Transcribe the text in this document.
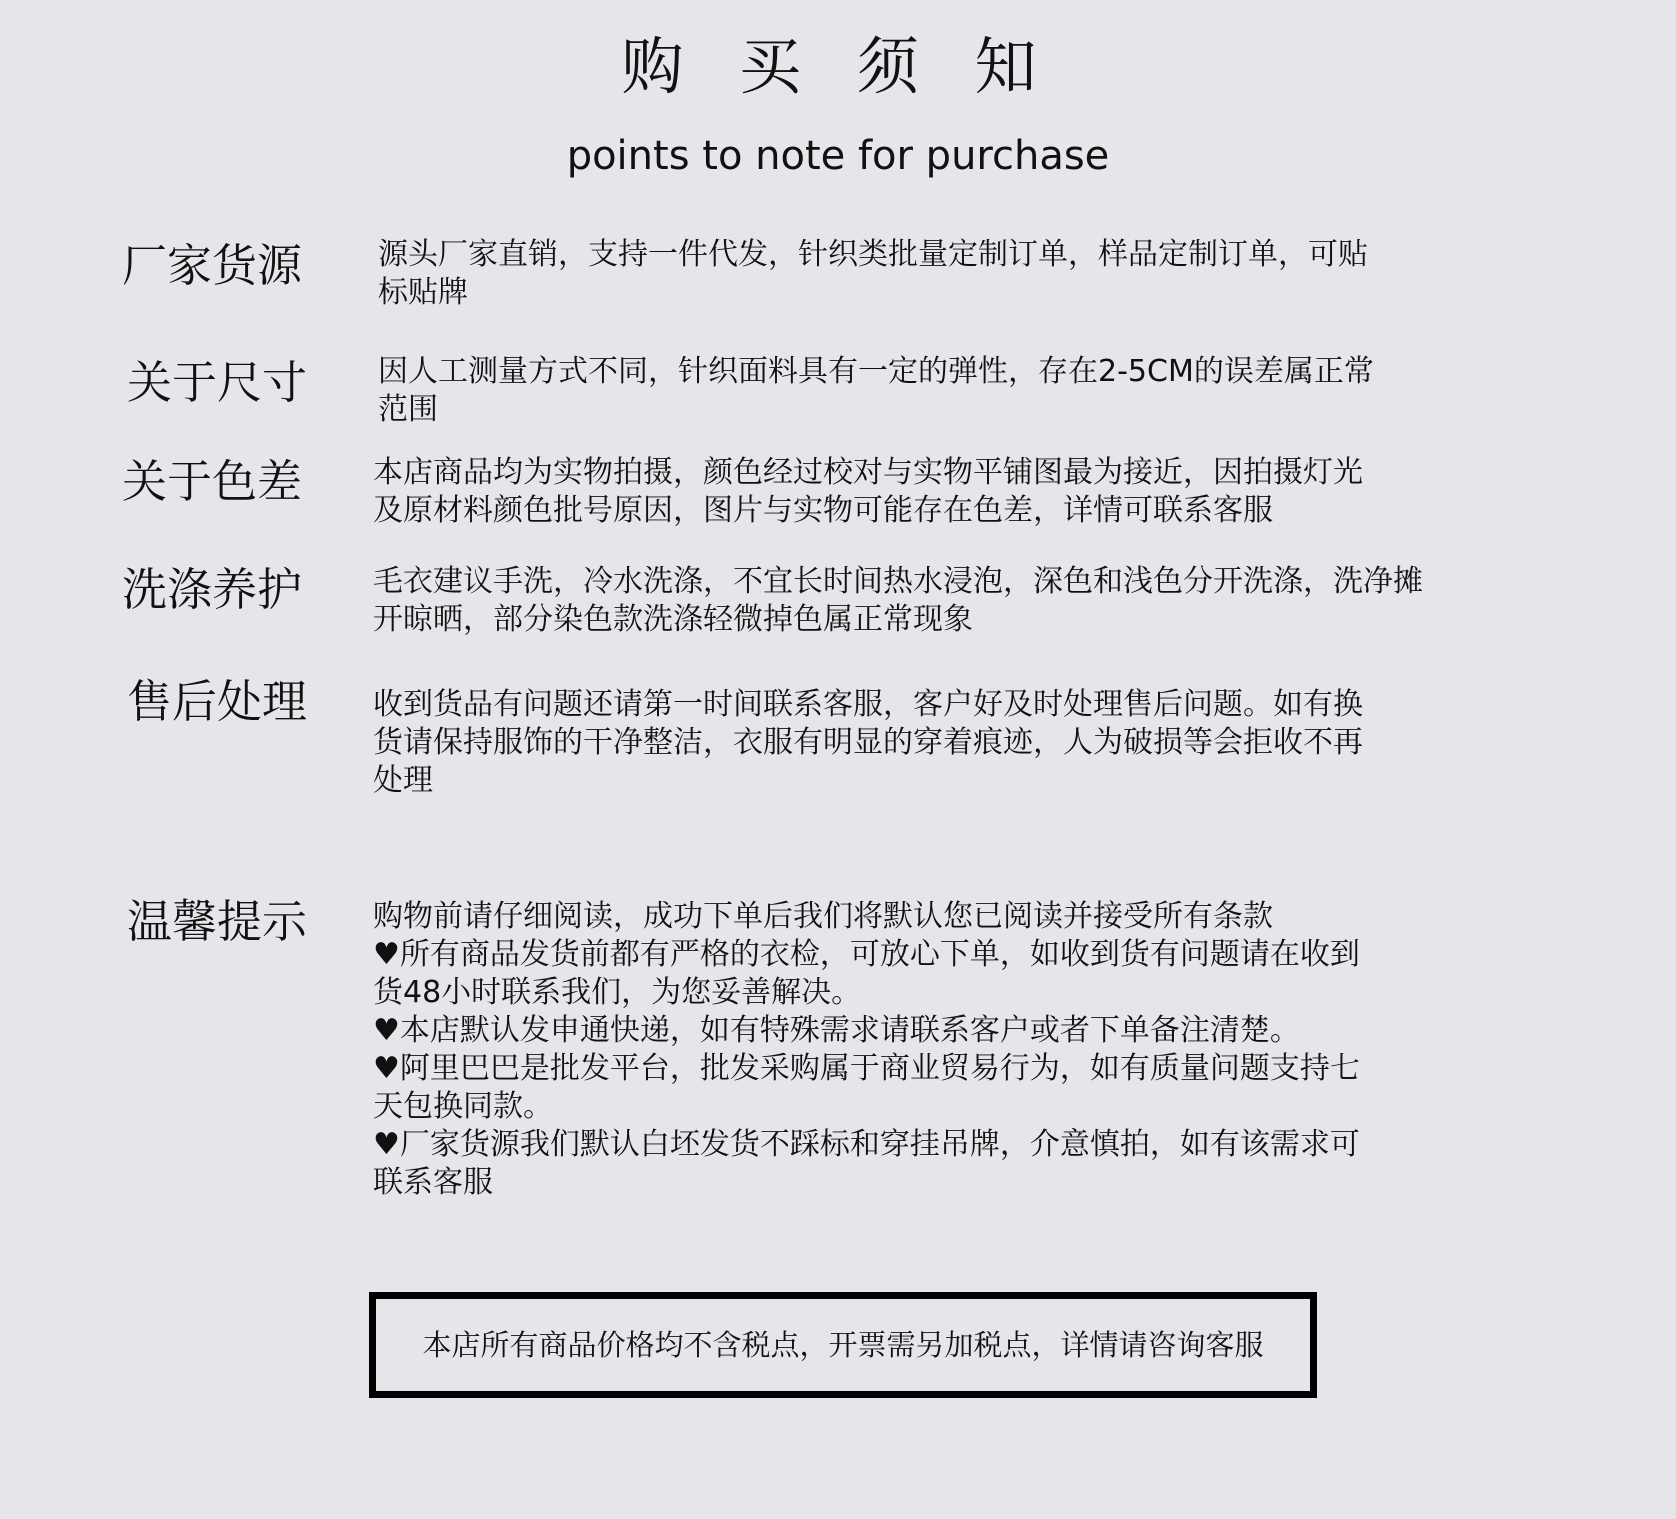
购 买 须 知
points to note for purchase
厂家货源	源头厂家直销，支持一件代发，针织类批量定制订单，样品定制订单，可贴

标贴牌

关于尺寸 因人工测量方式不同，针织面料具有一定的弹性，存在2-5CM的误差属正常

范围

关于色差 本店商品均为实物拍摄，颜色经过校对与实物平铺图最为接近，因拍摄灯光

及原材料颜色批号原因，图片与实物可能存在色差，详情可联系客服

洗涤养护 毛衣建议手洗，冷水洗涤，不宜长时间热水浸泡，深色和浅色分开洗涤，洗净摊

开晾晒，部分染色款洗涤轻微掉色属正常现象

售后处理 收到货品有问题还请第一时间联系客服，客户好及时处理售后问题。如有换

货请保持服饰的干净整洁，衣服有明显的穿着痕迹，人为破损等会拒收不再

处理

温馨提示 购物前请仔细阅读，成功下单后我们将默认您已阅读并接受所有条款

♥所有商品发货前都有严格的衣检，可放心下单，如收到货有问题请在收到

货48小时联系我们，为您妥善解决。

♥本店默认发申通快递，如有特殊需求请联系客户或者下单备注清楚。

♥阿里巴巴是批发平台，批发采购属于商业贸易行为，如有质量问题支持七

天包换同款。

♥厂家货源我们默认白坯发货不踩标和穿挂吊牌，介意慎拍，如有该需求可

联系客服

本店所有商品价格均不含税点，开票需另加税点，详情请咨询客服
